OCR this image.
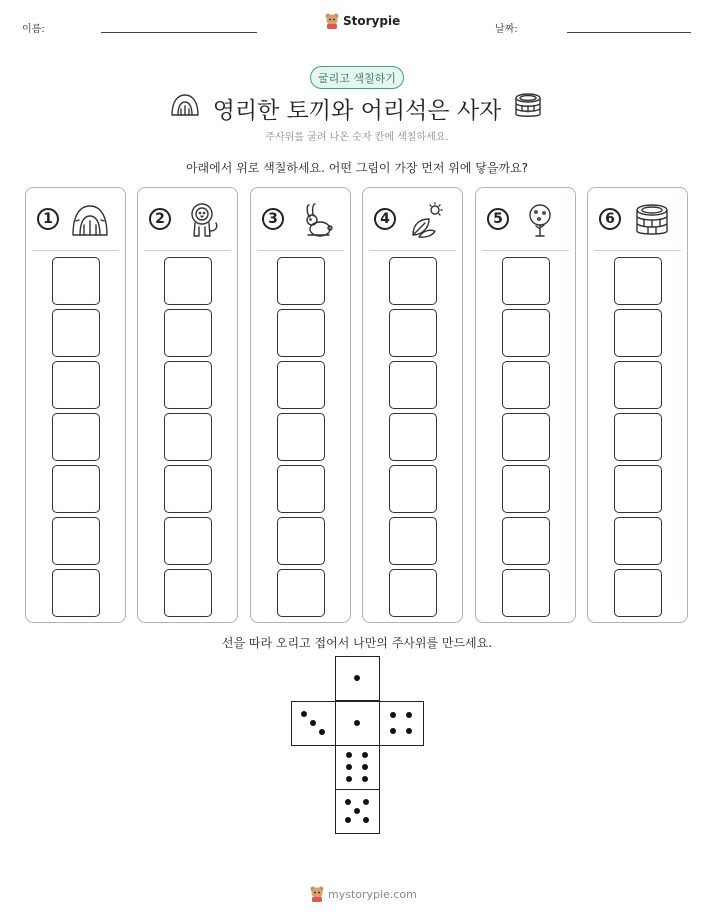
이름:
Storypie
날짜:
굴리고 색칠하기
영리한 토끼와 어리석은 사자
주사위를 굴려 나온 숫자 칸에 색칠하세요.
아래에서 위로 색칠하세요. 어떤 그림이 가장 먼저 위에 닿을까요?
1	2	3	4	5	6
선을 따라 오리고 접어서 나만의 주사위를 만드세요.
mystorypie.com
